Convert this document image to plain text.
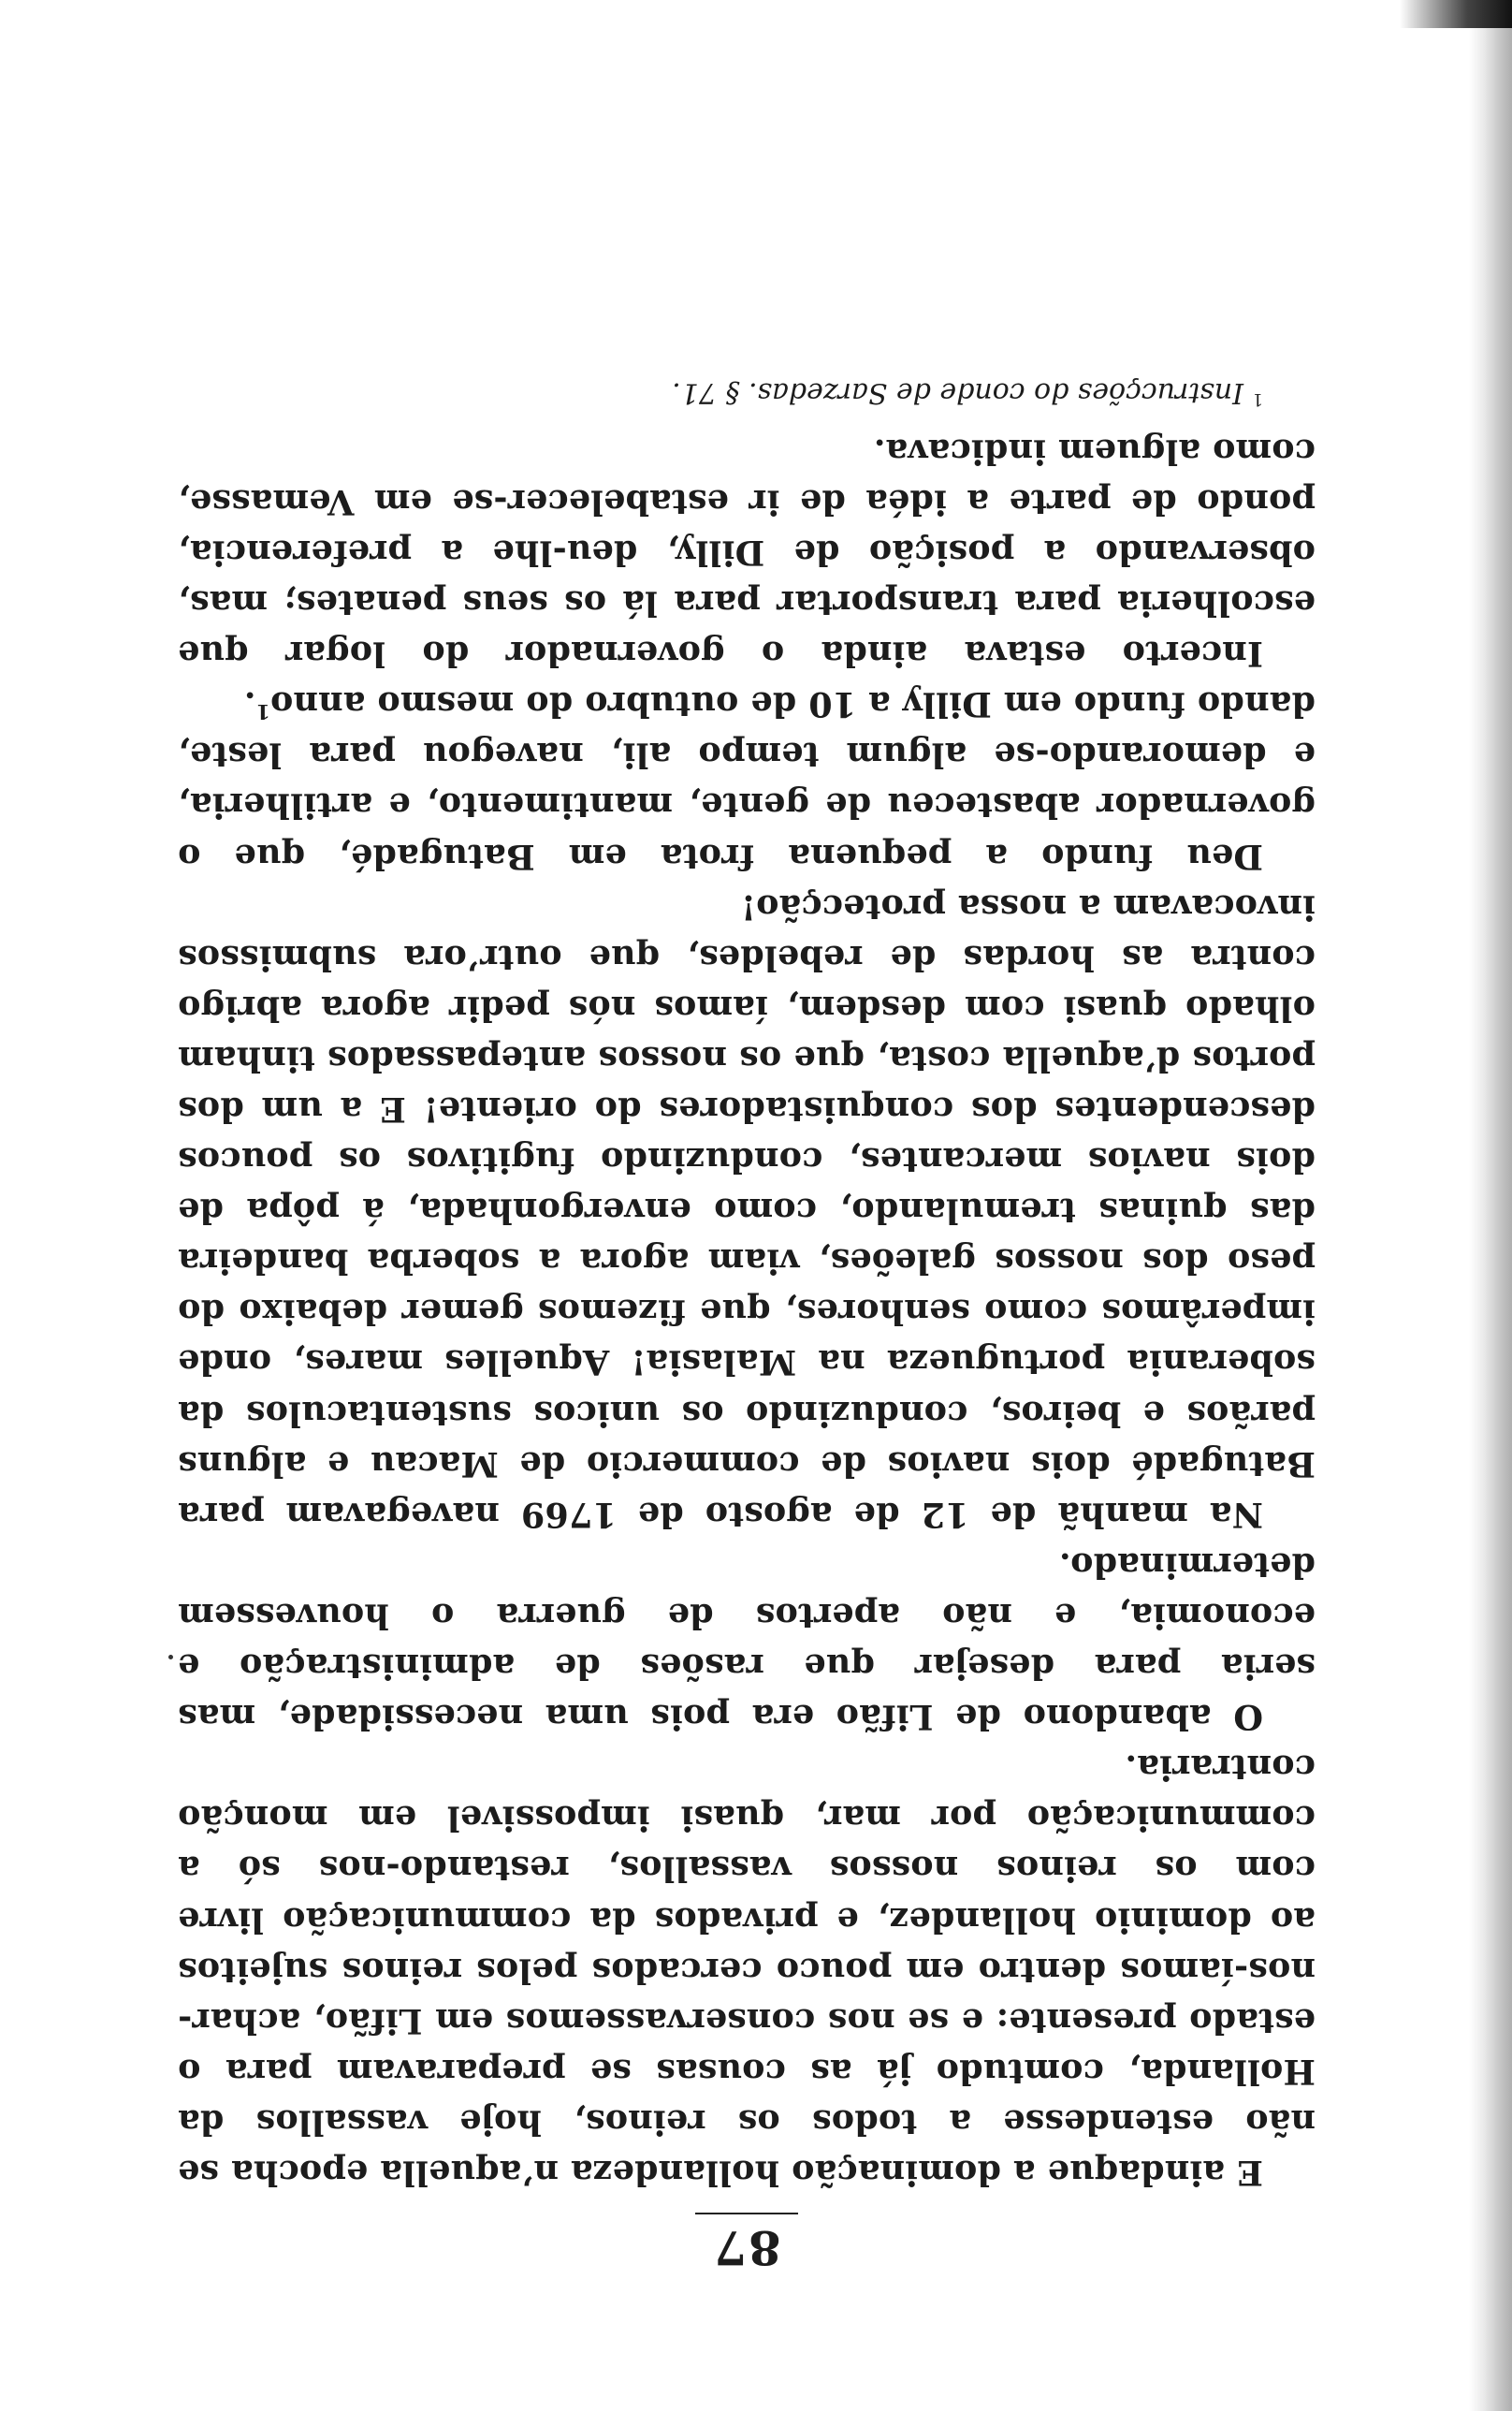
87

E aindaque a dominação hollandeza n’aquella epocha se não estendesse a todos os reinos, hoje vassallos da Hollanda, comtudo já as cousas se preparavam para o estado presente: e se nos conservassemos em Lifão, achar-nos-íamos dentro em pouco cercados pelos reinos sujeitos ao dominio hollandez, e privados da communicação livre com os reinos nossos vassallos, restando-nos só a communicação por mar, quasi impossivel em monção contraria.

O abandono de Lifão era pois uma necessidade, mas seria para desejar que rasões de administração e economia, e não apertos de guerra o houvessem determinado.

Na manhã de 12 de agosto de 1769 navegavam para Batugadé dois navios de commercio de Macau e alguns parãos e beiros, conduzindo os unicos sustentaculos da soberania portugueza na Malasia! Aquelles mares, onde imperâmos como senhores, que fizemos gemer debaixo do peso dos nossos galeões, viam agora a soberba bandeira das quinas tremulando, como envergonhada, á pôpa de dois navios mercantes, conduzindo fugitivos os poucos descendentes dos conquistadores do oriente! E a um dos portos d’aquella costa, que os nossos antepassados tinham olhado quasi com desdem, íamos nós pedir agora abrigo contra as hordas de rebeldes, que outr’ora submissos invocavam a nossa protecção!

Deu fundo a pequena frota em Batugadé, que o governador abasteceu de gente, mantimento, e artilheria, e demorando-se algum tempo ali, navegou para leste, dando fundo em Dilly a 10 de outubro do mesmo anno$^1$.

Incerto estava ainda o governador do logar que escolheria para transportar para lá os seus penates; mas, observando a posição de Dilly, deu-lhe a preferencia, pondo de parte a idéa de ir estabelecer-se em Vemasse, como alguem indicava.

$^1$ Instrucções do conde de Sarzedas. § 71.
